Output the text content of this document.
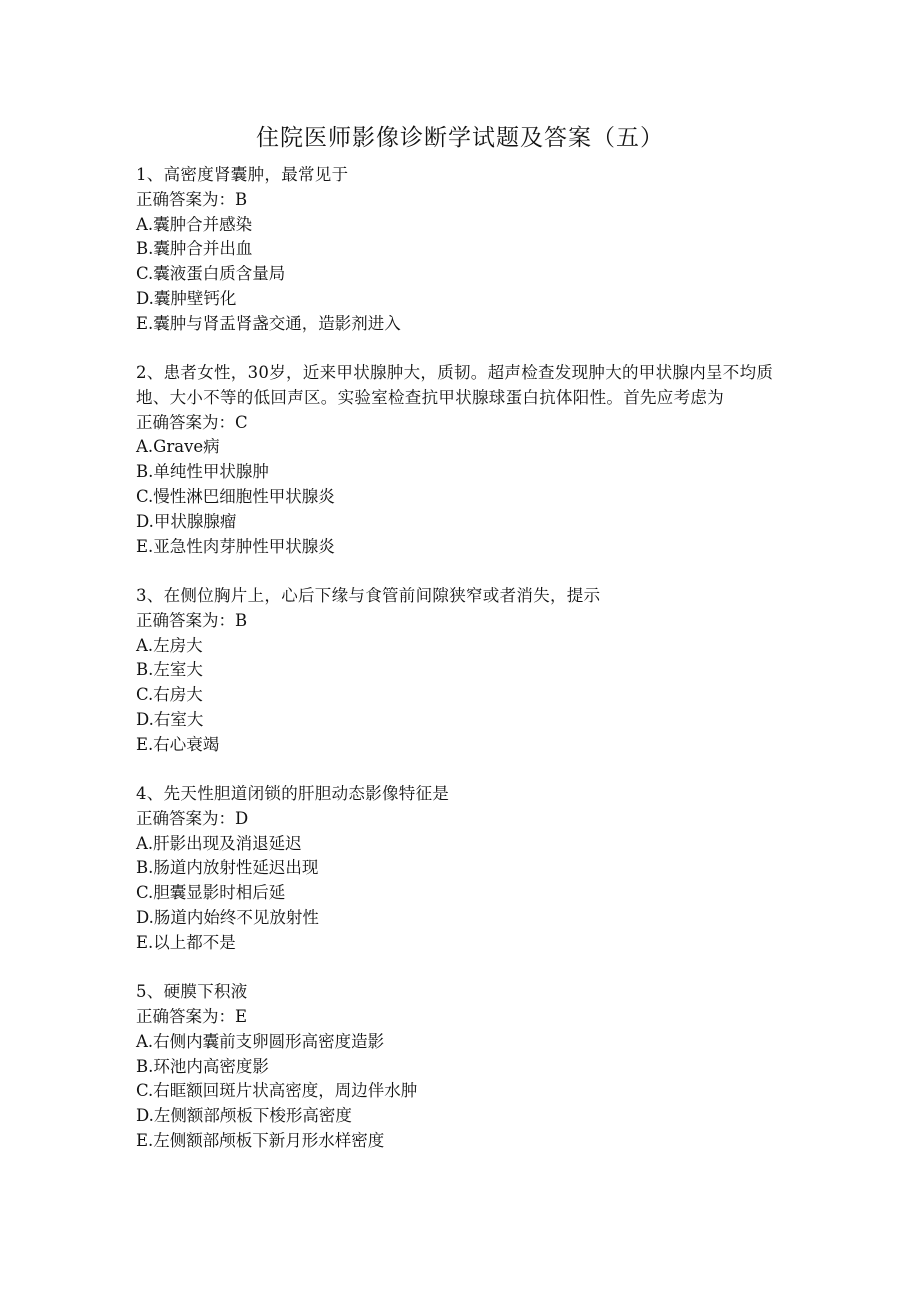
住院医师影像诊断学试题及答案（五）

1、高密度肾囊肿，最常见于

正确答案为：B

A.囊肿合并感染

B.囊肿合并出血

C.囊液蛋白质含量局

D.囊肿壁钙化

E.囊肿与肾盂肾盏交通，造影剂进入

2、患者女性，30岁，近来甲状腺肿大，质韧。超声检查发现肿大的甲状腺内呈不均质地、大小不等的低回声区。实验室检查抗甲状腺球蛋白抗体阳性。首先应考虑为

正确答案为：C

A.Grave病

B.单纯性甲状腺肿

C.慢性淋巴细胞性甲状腺炎

D.甲状腺腺瘤

E.亚急性肉芽肿性甲状腺炎

3、在侧位胸片上，心后下缘与食管前间隙狭窄或者消失，提示

正确答案为：B

A.左房大

B.左室大

C.右房大

D.右室大

E.右心衰竭

4、先天性胆道闭锁的肝胆动态影像特征是

正确答案为：D

A.肝影出现及消退延迟

B.肠道内放射性延迟出现

C.胆囊显影时相后延

D.肠道内始终不见放射性

E.以上都不是

5、硬膜下积液

正确答案为：E

A.右侧内囊前支卵圆形高密度造影

B.环池内高密度影

C.右眶额回斑片状高密度，周边伴水肿

D.左侧额部颅板下梭形高密度

E.左侧额部颅板下新月形水样密度
